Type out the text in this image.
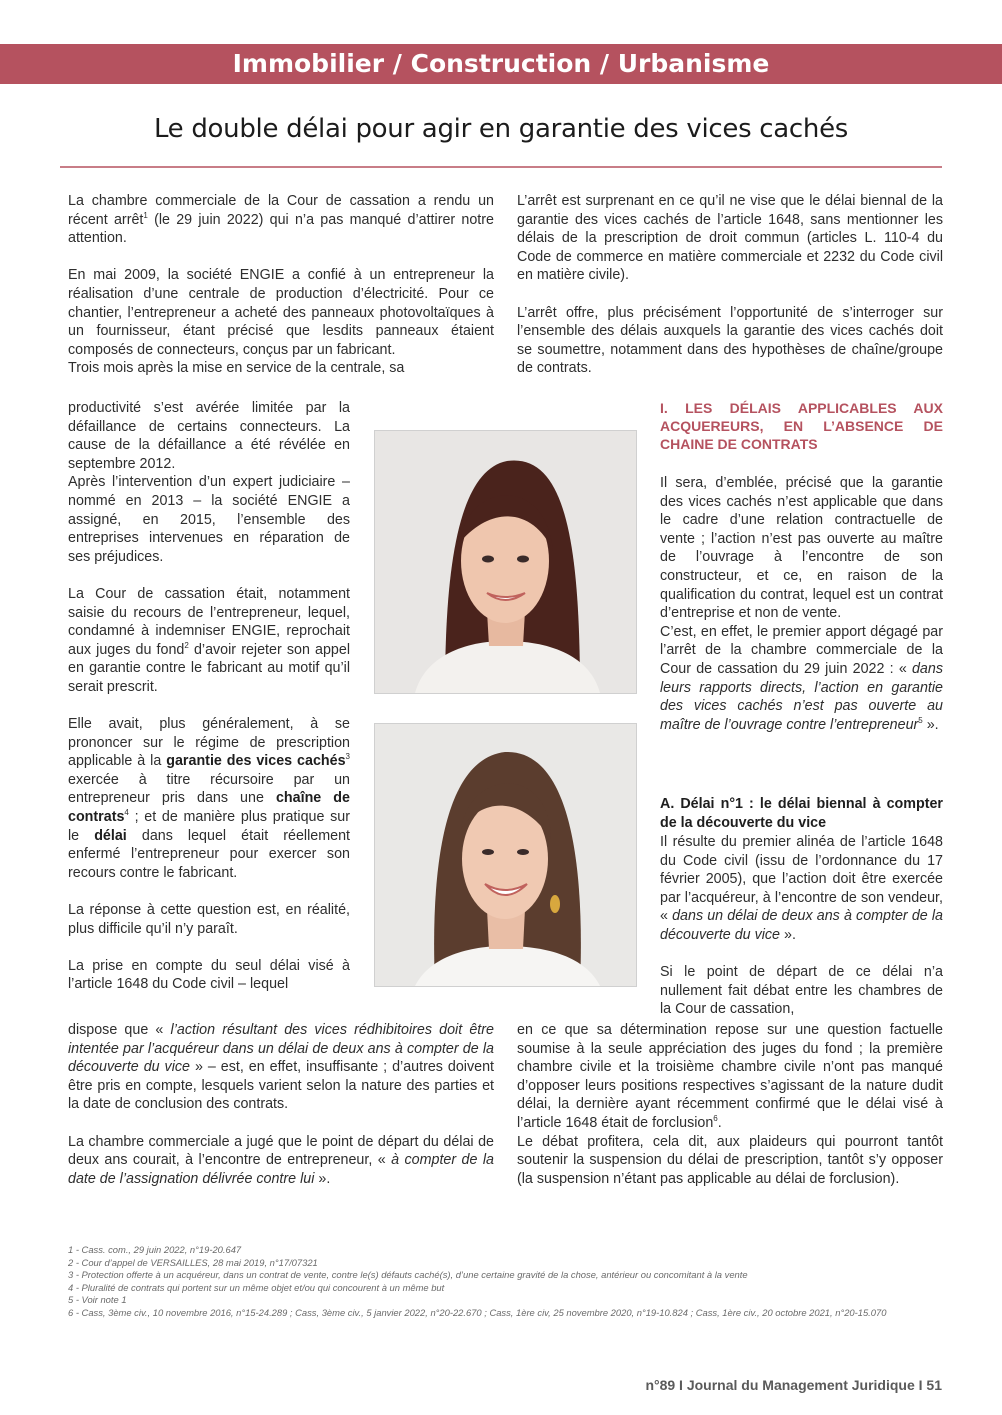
Immobilier / Construction / Urbanisme
Le double délai pour agir en garantie des vices cachés

La chambre commerciale de la Cour de cassation a rendu un récent arrêt$^1$ (le 29 juin 2022) qui n’a pas manqué d’attirer notre attention.

En mai 2009, la société ENGIE a confié à un entrepreneur la réalisation d’une centrale de production d’électricité. Pour ce chantier, l’entrepreneur a acheté des panneaux photovoltaïques à un fournisseur, étant précisé que lesdits panneaux étaient composés de connecteurs, conçus par un fabricant.

Trois mois après la mise en service de la centrale, sa

productivité s’est avérée limitée par la défaillance de certains connecteurs. La cause de la défaillance a été révélée en septembre 2012.

Après l’intervention d’un expert judiciaire – nommé en 2013 – la société ENGIE a assigné, en 2015, l’ensemble des entreprises intervenues en réparation de ses préjudices.

La Cour de cassation était, notamment saisie du recours de l’entrepreneur, lequel, condamné à indemniser ENGIE, reprochait aux juges du fond$^2$ d’avoir rejeter son appel en garantie contre le fabricant au motif qu’il serait prescrit.

Elle avait, plus généralement, à se prononcer sur le régime de prescription applicable à la garantie des vices cachés$^3$ exercée à titre récursoire par un entrepreneur pris dans une chaîne de contrats$^4$ ; et de manière plus pratique sur le délai dans lequel était réellement enfermé l’entrepreneur pour exercer son recours contre le fabricant.

La réponse à cette question est, en réalité, plus difficile qu’il n’y paraît.

La prise en compte du seul délai visé à l’article 1648 du Code civil – lequel

dispose que « l’action résultant des vices rédhibitoires doit être intentée par l’acquéreur dans un délai de deux ans à compter de la découverte du vice » – est, en effet, insuffisante ; d’autres doivent être pris en compte, lesquels varient selon la nature des parties et la date de conclusion des contrats.

La chambre commerciale a jugé que le point de départ du délai de deux ans courait, à l’encontre de entrepreneur, « à compter de la date de l’assignation délivrée contre lui ».

L’arrêt est surprenant en ce qu’il ne vise que le délai biennal de la garantie des vices cachés de l’article 1648, sans mentionner les délais de la prescription de droit commun (articles L. 110-4 du Code de commerce en matière commerciale et 2232 du Code civil en matière civile).

L’arrêt offre, plus précisément l’opportunité de s’interroger sur l’ensemble des délais auxquels la garantie des vices cachés doit se soumettre, notamment dans des hypothèses de chaîne/groupe de contrats.

I. LES DÉLAIS APPLICABLES AUX ACQUEREURS, EN L’ABSENCE DE CHAINE DE CONTRATS

Il sera, d’emblée, précisé que la garantie des vices cachés n’est applicable que dans le cadre d’une relation contractuelle de vente ; l’action n’est pas ouverte au maître de l’ouvrage à l’encontre de son constructeur, et ce, en raison de la qualification du contrat, lequel est un contrat d’entreprise et non de vente.

C’est, en effet, le premier apport dégagé par l’arrêt de la chambre commerciale de la Cour de cassation du 29 juin 2022 : « dans leurs rapports directs, l’action en garantie des vices cachés n’est pas ouverte au maître de l’ouvrage contre l’entrepreneur$^5$ ».

A. Délai n°1 : le délai biennal à compter de la découverte du vice

Il résulte du premier alinéa de l’article 1648 du Code civil (issu de l’ordonnance du 17 février 2005), que l’action doit être exercée par l’acquéreur, à l’encontre de son vendeur, « dans un délai de deux ans à compter de la découverte du vice ».

Si le point de départ de ce délai n’a nullement fait débat entre les chambres de la Cour de cassation,

en ce que sa détermination repose sur une question factuelle soumise à la seule appréciation des juges du fond ; la première chambre civile et la troisième chambre civile n’ont pas manqué d’opposer leurs positions respectives s’agissant de la nature dudit délai, la dernière ayant récemment confirmé que le délai visé à l’article 1648 était de forclusion$^6$.

Le débat profitera, cela dit, aux plaideurs qui pourront tantôt soutenir la suspension du délai de prescription, tantôt s’y opposer (la suspension n’étant pas applicable au délai de forclusion).

1 - Cass. com., 29 juin 2022, n°19-20.647
2 - Cour d’appel de VERSAILLES, 28 mai 2019, n°17/07321
3 - Protection offerte à un acquéreur, dans un contrat de vente, contre le(s) défauts caché(s), d’une certaine gravité de la chose, antérieur ou concomitant à la vente
4 - Pluralité de contrats qui portent sur un même objet et/ou qui concourent à un même but
5 - Voir note 1
6 - Cass, 3ème civ., 10 novembre 2016, n°15-24.289 ; Cass, 3ème civ., 5 janvier 2022, n°20-22.670 ; Cass, 1ère civ, 25 novembre 2020, n°19-10.824 ; Cass, 1ère civ., 20 octobre 2021, n°20-15.070
n°89 I Journal du Management Juridique I 51
